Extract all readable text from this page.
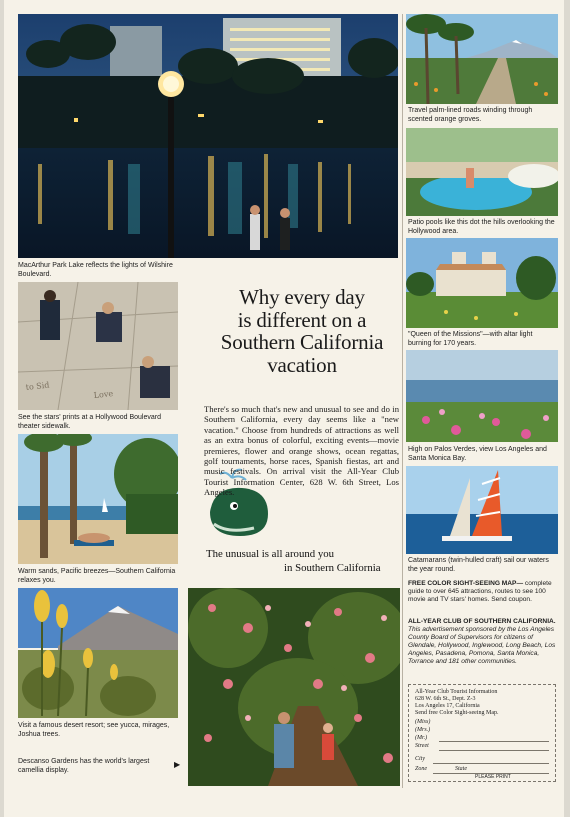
MacArthur Park Lake reflects the lights of Wilshire Boulevard.

to Sid
Love

See the stars' prints at a Hollywood Boulevard theater sidewalk.

Warm sands, Pacific breezes—Southern California relaxes you.

Visit a famous desert resort; see yucca, mirages, Joshua trees.

Descanso Gardens has the world's largest camellia display.

▶
Why every day
is different on a
Southern California
vacation

There's so much that's new and unusual to see and do in Southern California, every day seems like a "new vacation." Choose from hundreds of attractions as well as an extra bonus of colorful, exciting events—movie premieres, flower and orange shows, ocean regattas, golf tournaments, horse races, Spanish fiestas, art and music festivals. On arrival visit the All-Year Club Tourist Information Center, 628 W. 6th Street, Los Angeles.

The unusual is all around you
in Southern California

Travel palm-lined roads winding through scented orange groves.

Patio pools like this dot the hills overlooking the Hollywood area.

"Queen of the Missions"—with altar light burning for 170 years.

High on Palos Verdes, view Los Angeles and Santa Monica Bay.

Catamarans (twin-hulled craft) sail our waters the year round.

FREE COLOR SIGHT-SEEING MAP— complete guide to over 645 attractions, routes to see 100 movie and TV stars' homes. Send coupon.

ALL-YEAR CLUB OF SOUTHERN CALIFORNIA. This advertisement sponsored by the Los Angeles County Board of Supervisors for citizens of Glendale, Hollywood, Inglewood, Long Beach, Los Angeles, Pasadena, Pomona, Santa Monica, Torrance and 181 other communities.

All-Year Club Tourist Information
628 W. 6th St., Dept. Z-3
Los Angeles 17, California
Send free Color Sight-seeing Map.
(Miss)
(Mrs.)
(Mr.)
Street
City
Zone	State
PLEASE PRINT
